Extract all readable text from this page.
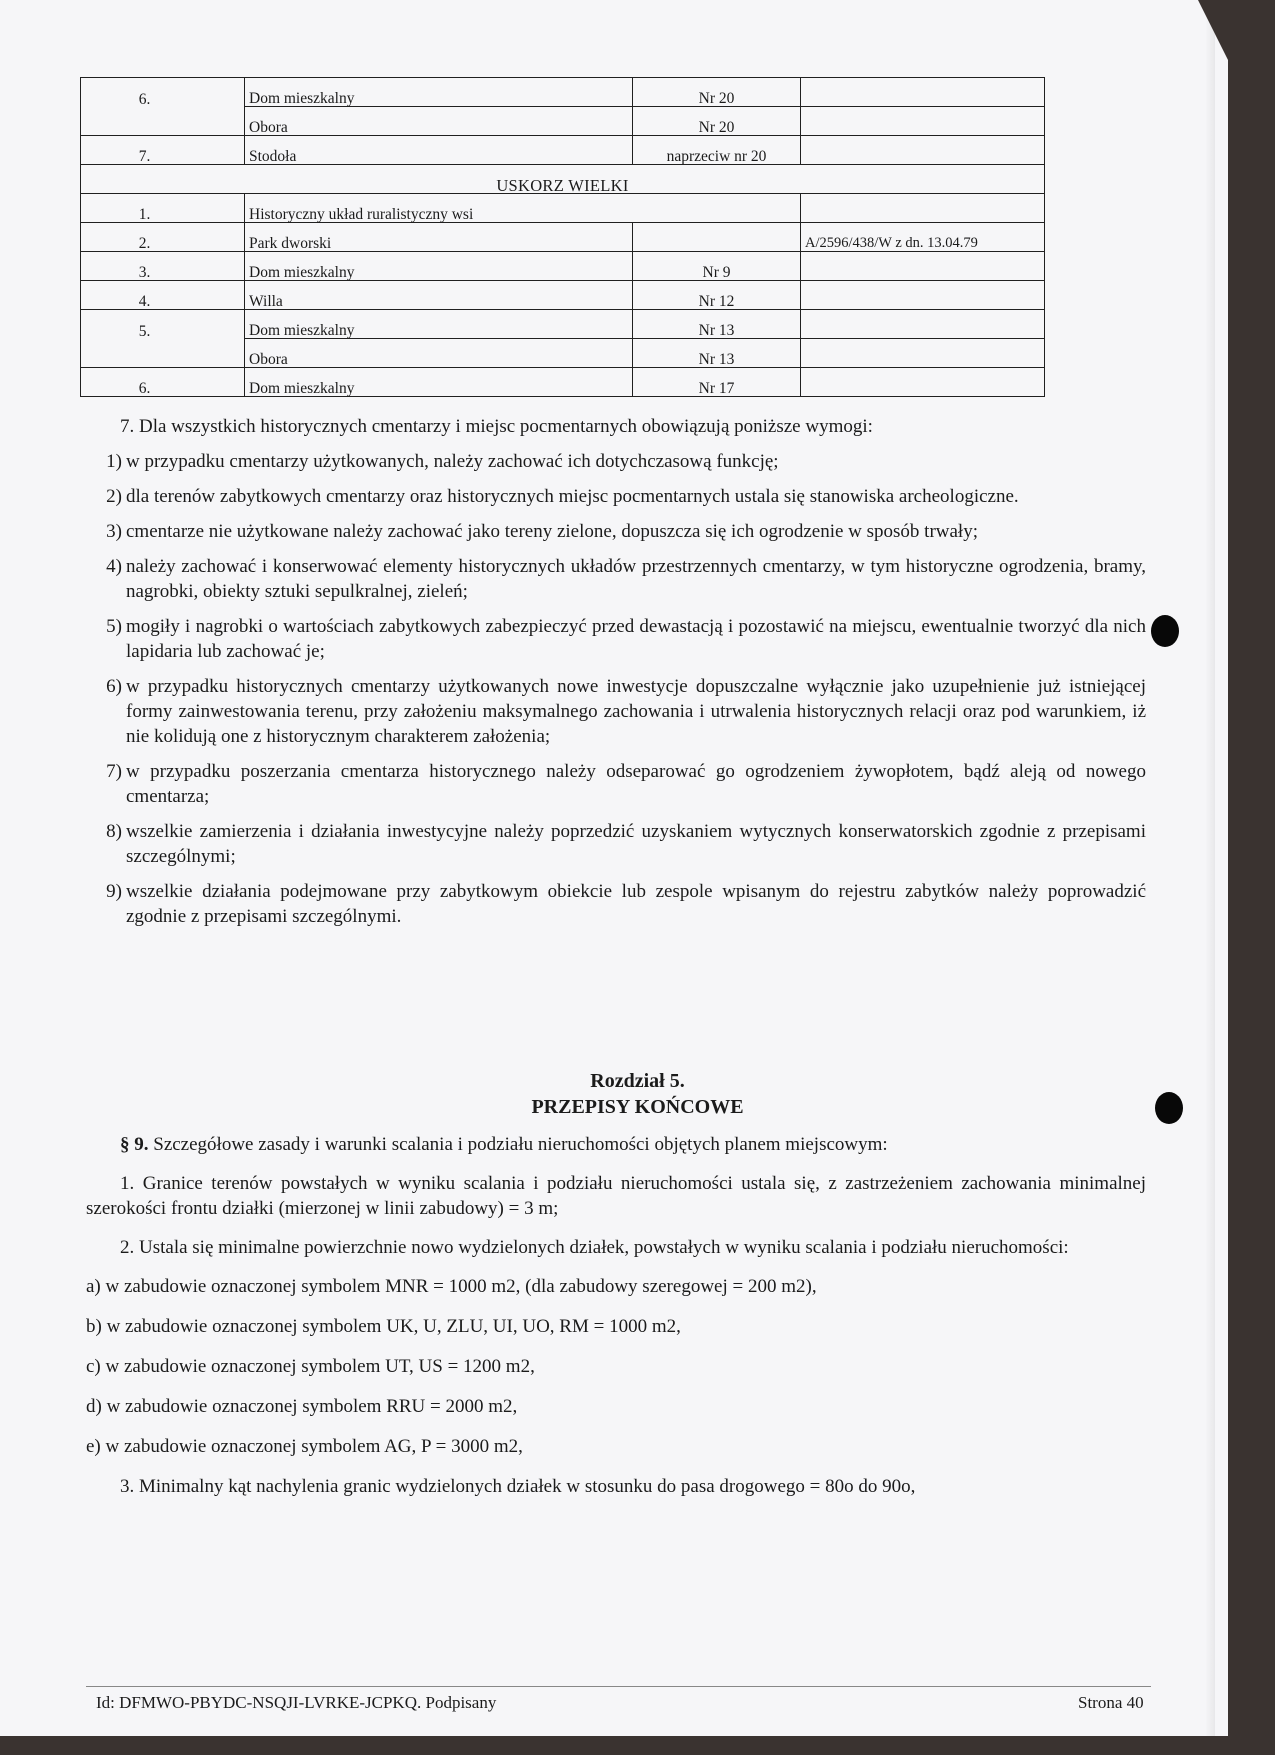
6.	Dom mieszkalny	Nr 20	
	Obora	Nr 20	
7.	Stodoła	naprzeciw nr 20	
USKORZ WIELKI			
1.	Historyczny układ ruralistyczny wsi		
2.	Park dworski		A/2596/438/W z dn. 13.04.79
3.	Dom mieszkalny	Nr 9	
4.	Willa	Nr 12	
5.	Dom mieszkalny	Nr 13	
	Obora	Nr 13	
6.	Dom mieszkalny	Nr 17	
7. Dla wszystkich historycznych cmentarzy i miejsc pocmentarnych obowiązują poniższe wymogi:
1) w przypadku cmentarzy użytkowanych, należy zachować ich dotychczasową funkcję;
2) dla terenów zabytkowych cmentarzy oraz historycznych miejsc pocmentarnych ustala się stanowiska archeologiczne.
3) cmentarze nie użytkowane należy zachować jako tereny zielone, dopuszcza się ich ogrodzenie w sposób trwały;
4) należy zachować i konserwować elementy historycznych układów przestrzennych cmentarzy, w tym historyczne ogrodzenia, bramy, nagrobki, obiekty sztuki sepulkralnej, zieleń;
5) mogiły i nagrobki o wartościach zabytkowych zabezpieczyć przed dewastacją i pozostawić na miejscu, ewentualnie tworzyć dla nich lapidaria lub zachować je;
6) w przypadku historycznych cmentarzy użytkowanych nowe inwestycje dopuszczalne wyłącznie jako uzupełnienie już istniejącej formy zainwestowania terenu, przy założeniu maksymalnego zachowania i utrwalenia historycznych relacji oraz pod warunkiem, iż nie kolidują one z historycznym charakterem założenia;
7) w przypadku poszerzania cmentarza historycznego należy odseparować go ogrodzeniem żywopłotem, bądź aleją od nowego cmentarza;
8) wszelkie zamierzenia i działania inwestycyjne należy poprzedzić uzyskaniem wytycznych konserwatorskich zgodnie z przepisami szczególnymi;
9) wszelkie działania podejmowane przy zabytkowym obiekcie lub zespole wpisanym do rejestru zabytków należy poprowadzić zgodnie z przepisami szczególnymi.
Rozdział 5.
PRZEPISY KOŃCOWE

§ 9. Szczegółowe zasady i warunki scalania i podziału nieruchomości objętych planem miejscowym:

1. Granice terenów powstałych w wyniku scalania i podziału nieruchomości ustala się, z zastrzeżeniem zachowania minimalnej szerokości frontu działki (mierzonej w linii zabudowy) = 3 m;

2. Ustala się minimalne powierzchnie nowo wydzielonych działek, powstałych w wyniku scalania i podziału nieruchomości:

a) w zabudowie oznaczonej symbolem MNR = 1000 m2, (dla zabudowy szeregowej = 200 m2),

b) w zabudowie oznaczonej symbolem UK, U, ZLU, UI, UO, RM = 1000 m2,

c) w zabudowie oznaczonej symbolem UT, US = 1200 m2,

d) w zabudowie oznaczonej symbolem RRU = 2000 m2,

e) w zabudowie oznaczonej symbolem AG, P = 3000 m2,

3. Minimalny kąt nachylenia granic wydzielonych działek w stosunku do pasa drogowego = 80o do 90o,

Id: DFMWO-PBYDC-NSQJI-LVRKE-JCPKQ. Podpisany	Strona 40
